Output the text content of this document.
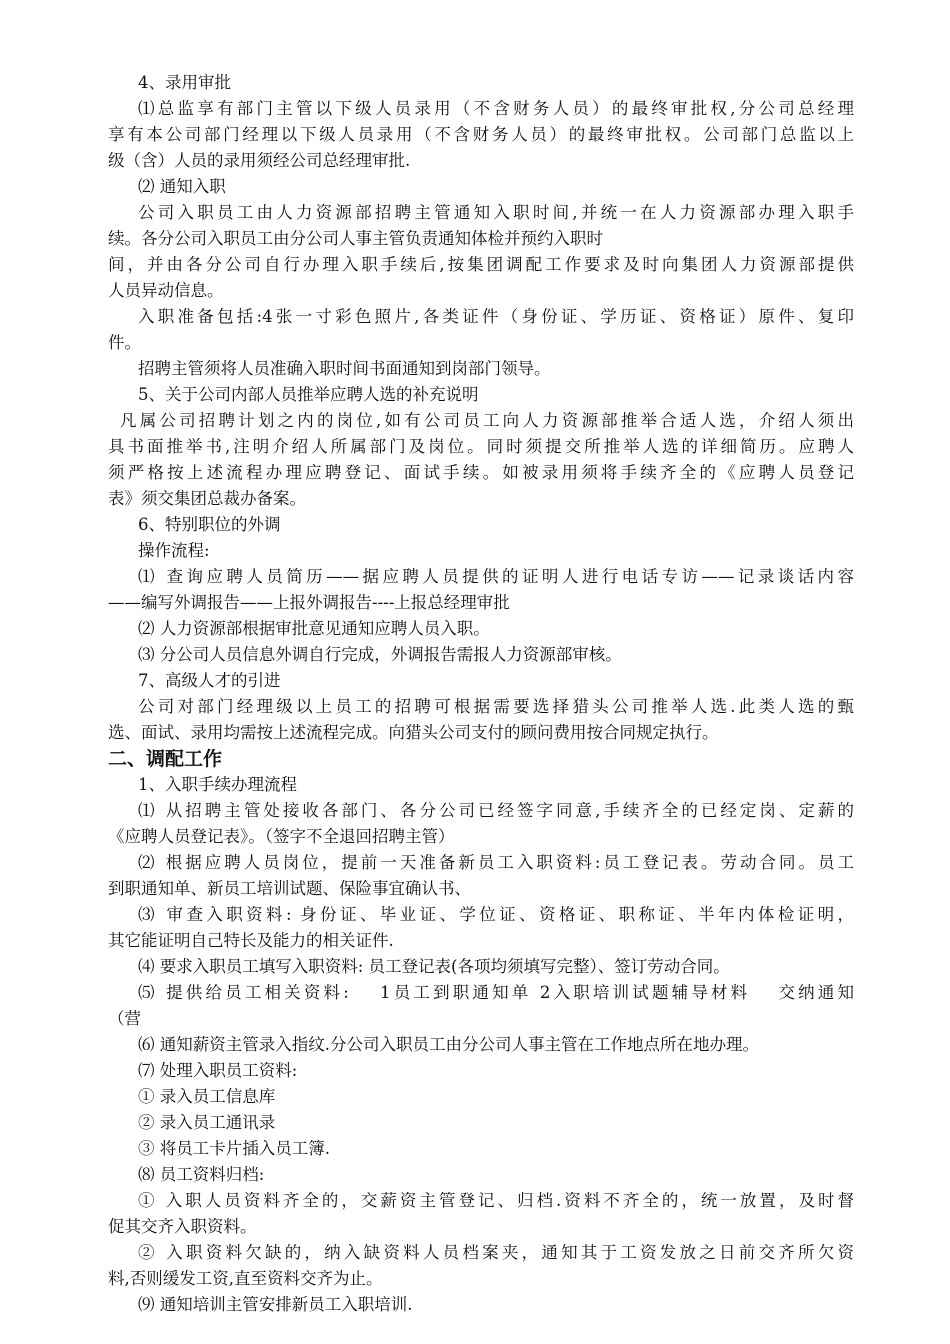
4、录用审批
⑴总监享有部门主管以下级人员录用（不含财务人员）的最终审批权,分公司总经理
享有本公司部门经理以下级人员录用（不含财务人员）的最终审批权。公司部门总监以上
级（含）人员的录用须经公司总经理审批.
⑵ 通知入职
公司入职员工由人力资源部招聘主管通知入职时间,并统一在人力资源部办理入职手
续。各分公司入职员工由分公司人事主管负责通知体检并预约入职时
间，并由各分公司自行办理入职手续后,按集团调配工作要求及时向集团人力资源部提供
人员异动信息。
入职准备包括:4张一寸彩色照片,各类证件（身份证、学历证、资格证）原件、复印
件。
招聘主管须将人员准确入职时间书面通知到岗部门领导。
5、关于公司内部人员推举应聘人选的补充说明
凡属公司招聘计划之内的岗位,如有公司员工向人力资源部推举合适人选，介绍人须出
具书面推举书,注明介绍人所属部门及岗位。同时须提交所推举人选的详细简历。应聘人
须严格按上述流程办理应聘登记、面试手续。如被录用须将手续齐全的《应聘人员登记
表》须交集团总裁办备案。
6、特别职位的外调
操作流程:
⑴ 查询应聘人员简历——据应聘人员提供的证明人进行电话专访——记录谈话内容
——编写外调报告——上报外调报告----上报总经理审批
⑵ 人力资源部根据审批意见通知应聘人员入职。
⑶ 分公司人员信息外调自行完成，外调报告需报人力资源部审核。
7、高级人才的引进
公司对部门经理级以上员工的招聘可根据需要选择猎头公司推举人选.此类人选的甄
选、面试、录用均需按上述流程完成。向猎头公司支付的顾问费用按合同规定执行。
二、调配工作
1、入职手续办理流程
⑴ 从招聘主管处接收各部门、各分公司已经签字同意,手续齐全的已经定岗、定薪的
《应聘人员登记表》。（签字不全退回招聘主管）
⑵ 根据应聘人员岗位，提前一天准备新员工入职资料:员工登记表。劳动合同。员工
到职通知单、新员工培训试题、保险事宜确认书、
⑶ 审查入职资料: 身份证、毕业证、学位证、资格证、职称证、半年内体检证明，
其它能证明自己特长及能力的相关证件.
⑷ 要求入职员工填写入职资料: 员工登记表(各项均须填写完整）、签订劳动合同。
⑸ 提供给员工相关资料:　 1员工到职通知单 2入职培训试题辅导材料　 交纳通知
（营
⑹ 通知薪资主管录入指纹.分公司入职员工由分公司人事主管在工作地点所在地办理。
⑺ 处理入职员工资料:
① 录入员工信息库
② 录入员工通讯录
③ 将员工卡片插入员工簿.
⑻ 员工资料归档:
① 入职人员资料齐全的，交薪资主管登记、归档.资料不齐全的，统一放置，及时督
促其交齐入职资料。
② 入职资料欠缺的，纳入缺资料人员档案夹，通知其于工资发放之日前交齐所欠资
料,否则缓发工资,直至资料交齐为止。
⑼ 通知培训主管安排新员工入职培训.
